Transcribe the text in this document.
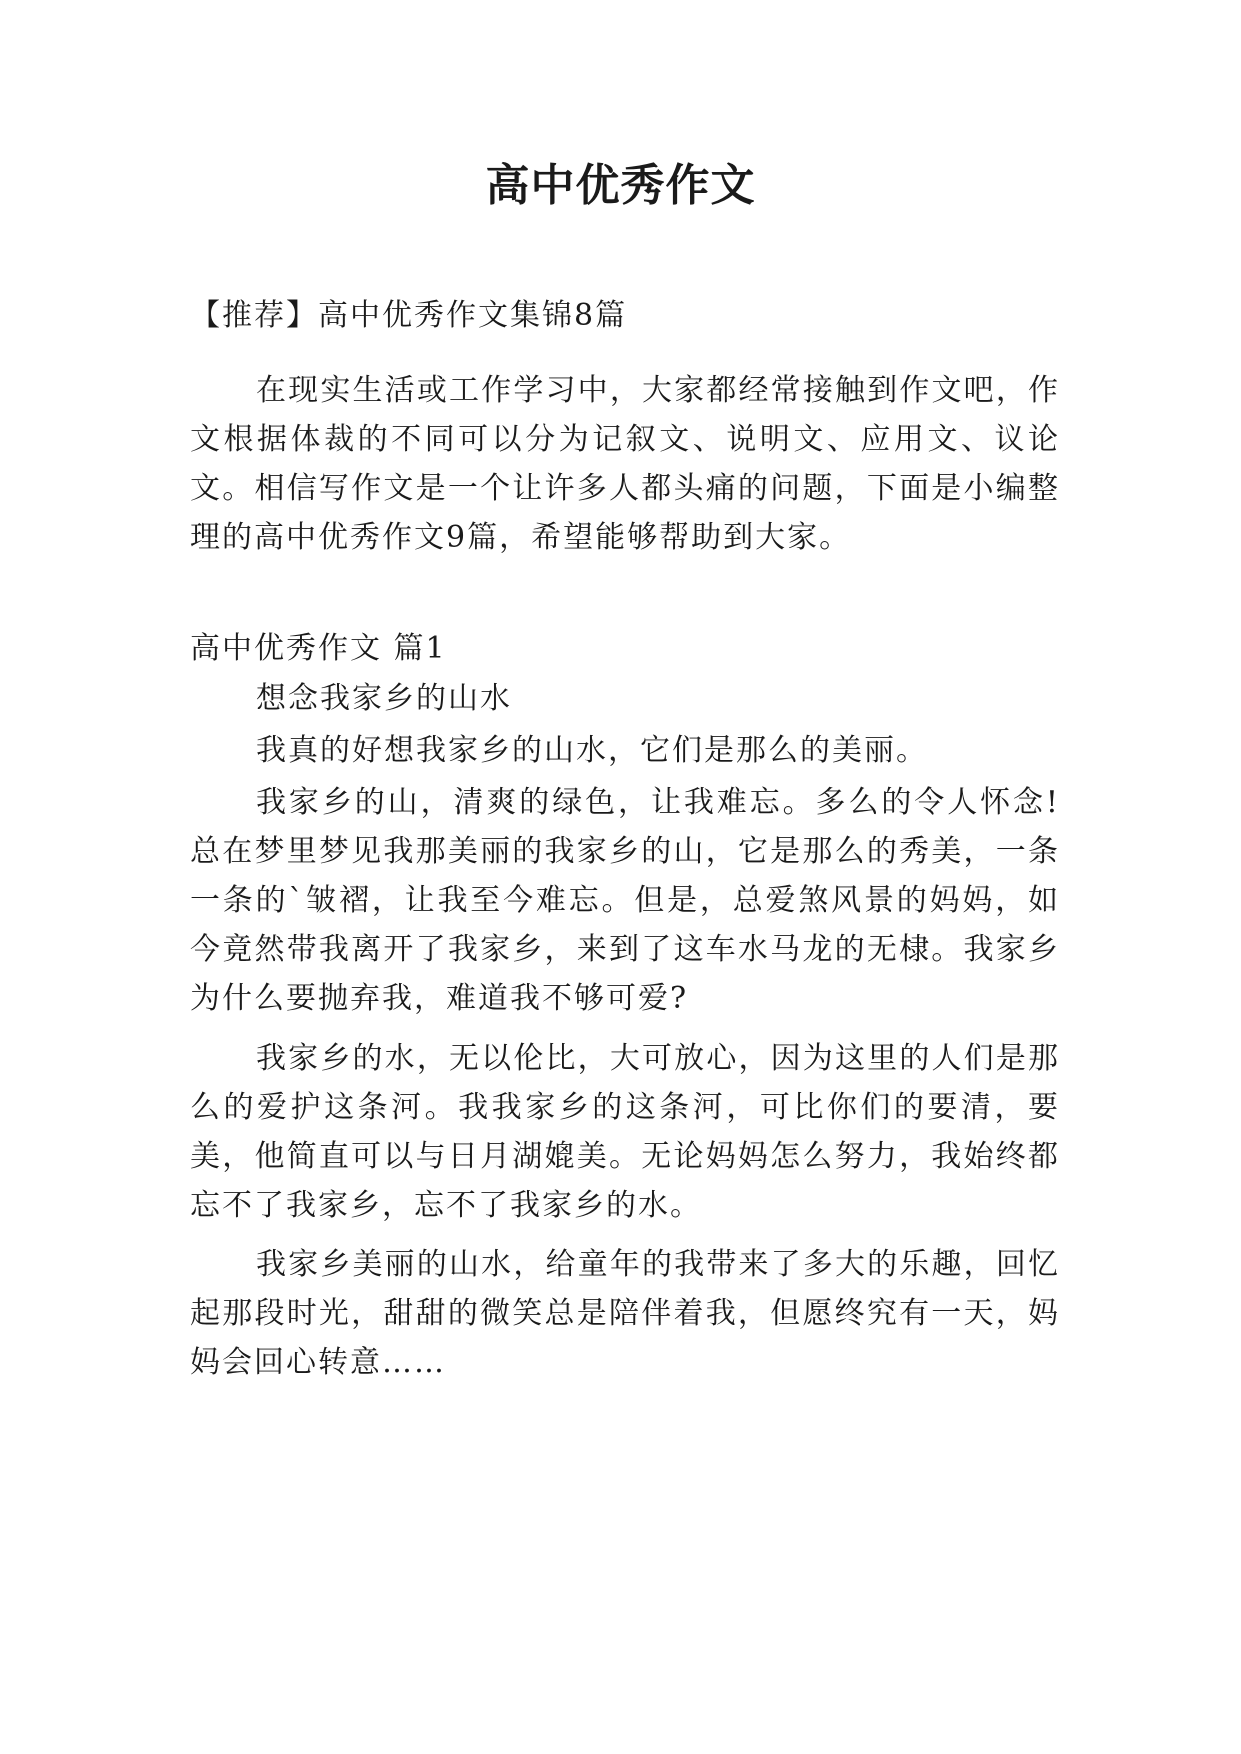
高中优秀作文

【推荐】高中优秀作文集锦8篇

在现实生活或工作学习中，大家都经常接触到作文吧，作文根据体裁的不同可以分为记叙文、说明文、应用文、议论文。相信写作文是一个让许多人都头痛的问题，下面是小编整理的高中优秀作文9篇，希望能够帮助到大家。

高中优秀作文 篇1

想念我家乡的山水

我真的好想我家乡的山水，它们是那么的美丽。

我家乡的山，清爽的绿色，让我难忘。多么的令人怀念!总在梦里梦见我那美丽的我家乡的山，它是那么的秀美，一条一条的`皱褶，让我至今难忘。但是，总爱煞风景的妈妈，如今竟然带我离开了我家乡，来到了这车水马龙的无棣。我家乡为什么要抛弃我，难道我不够可爱?

我家乡的水，无以伦比，大可放心，因为这里的人们是那么的爱护这条河。我我家乡的这条河，可比你们的要清，要美，他简直可以与日月湖媲美。无论妈妈怎么努力，我始终都忘不了我家乡，忘不了我家乡的水。

我家乡美丽的山水，给童年的我带来了多大的乐趣，回忆起那段时光，甜甜的微笑总是陪伴着我，但愿终究有一天，妈妈会回心转意……
